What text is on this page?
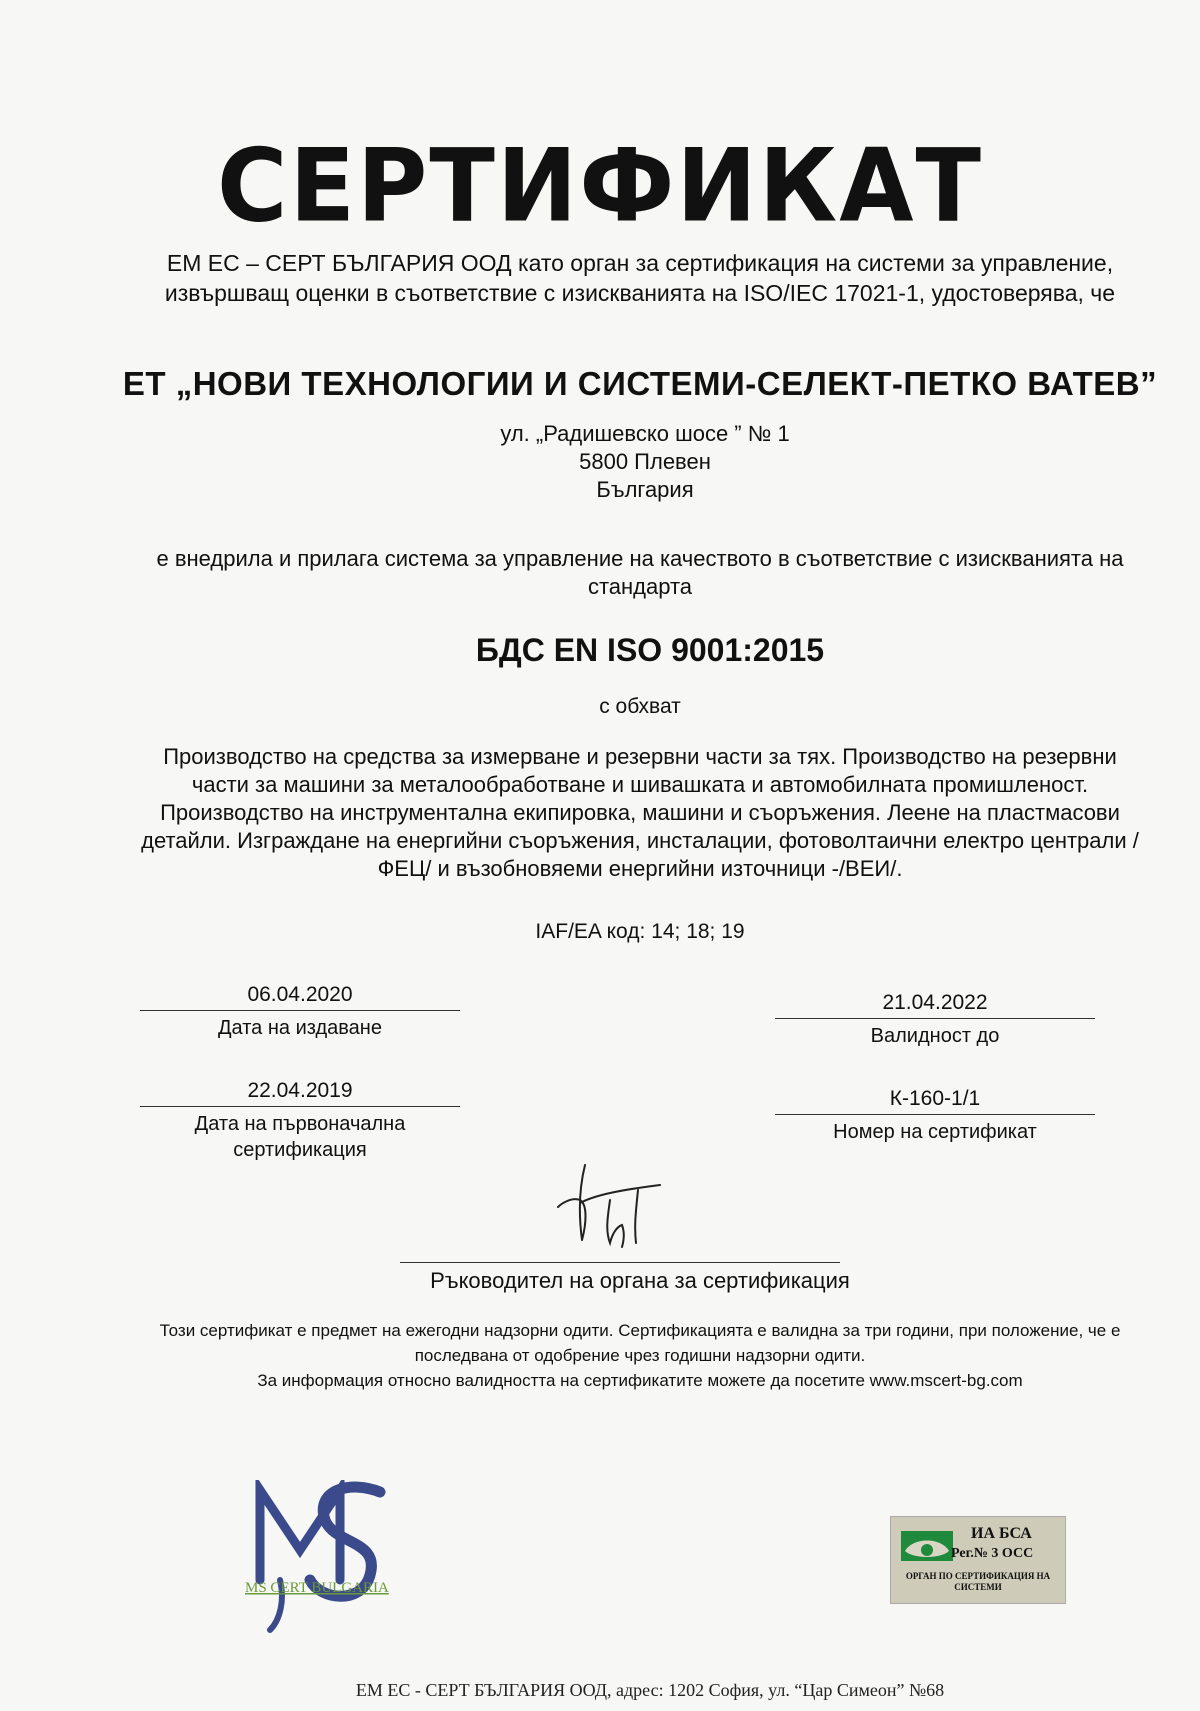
СЕРТИФИКАТ
ЕМ ЕС – СЕРТ БЪЛГАРИЯ ООД като орган за сертификация на системи за управление, извършващ оценки в съответствие с изискванията на ISO/IEC 17021-1, удостоверява, че
ЕТ „НОВИ ТЕХНОЛОГИИ И СИСТЕМИ-СЕЛЕКТ-ПЕТКО ВАТЕВ”
ул. „Радишевско шосе ” № 1
5800 Плевен
България
е внедрила и прилага система за управление на качеството в съответствие с изискванията на стандарта
БДС EN ISO 9001:2015
с обхват
Производство на средства за измерване и резервни части за тях. Производство на резервни части за машини за металообработване и шивашката и автомобилната промишленост. Производство на инструментална екипировка, машини и съоръжения. Леене на пластмасови детайли. Изграждане на енергийни съоръжения, инсталации, фотоволтаични електро централи /ФЕЦ/ и възобновяеми енергийни източници -/ВЕИ/.
IAF/EA код: 14; 18; 19
06.04.2020
Дата на издаване
21.04.2022
Валидност до
22.04.2019
Дата на първоначална сертификация
К-160-1/1
Номер на сертификат
Ръководител на органа за сертификация
Този сертификат е предмет на ежегодни надзорни одити. Сертификацията е валидна за три години, при положение, че е последвана от одобрение чрез годишни надзорни одити.
За информация относно валидността на сертификатите можете да посетите www.mscert-bg.com
MS CERT BULGARIA
ИА БСА
Рег.№ 3 ОСС
ОРГАН ПО СЕРТИФИКАЦИЯ НА СИСТЕМИ
ЕМ ЕС - СЕРТ БЪЛГАРИЯ ООД, адрес: 1202 София, ул. “Цар Симеон” №68
